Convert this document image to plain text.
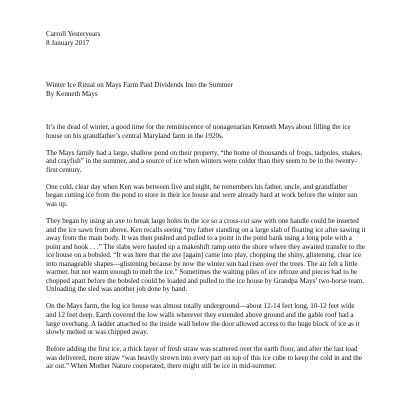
Carroll Yesteryears
8 January 2017
Winter Ice Ritual on Mays Farm Paid Dividends Into the Summer
By Kenneth Mays

It’s the dead of winter, a good time for the reminiscence of nonagenarian Kenneth Mays about filling the ice house on his grandfather’s central Maryland farm in the 1920s.

The Mays family had a large, shallow pond on their property, “the home of thousands of frogs, tadpoles, snakes, and crayfish” in the summer, and a source of ice when winters were colder than they seem to be in the twenty-first century.

One cold, clear day when Ken was between five and eight, he remembers his father, uncle, and grandfather began cutting ice from the pond to store in their ice house and were already hard at work before the winter sun was up.

They began by using an axe to break large holes in the ice so a cross-cut saw with one handle could be inserted and the ice sawn from above. Ken recalls seeing “my father standing on a large slab of floating ice after sawing it away from the main body. It was then pushed and pulled to a point in the pond bank using a long pole with a point and hook . . .” The slabs were hauled up a makeshift ramp onto the shore where they awaited transfer to the ice house on a bobsled. “It was here that the axe [again] came into play, chopping the shiny, glistening, clear ice into manageable shapes—glistening because by now the winter sun had risen over the trees. The air felt a little warmer, but not warm enough to melt the ice.” Sometimes the waiting piles of ice refroze and pieces had to be chopped apart before the bobsled could be loaded and pulled to the ice house by Grandpa Mays’ two-horse team. Unloading the sled was another job done by hand.

On the Mays farm, the log ice house was almost totally underground—about 12-14 feet long, 10-12 feet wide and 12 feet deep. Earth covered the low walls wherever they extended above ground and the gable roof had a large overhang. A ladder attached to the inside wall below the door allowed access to the huge block of ice as it slowly melted or was chipped away.

Before adding the first ice, a thick layer of fresh straw was scattered over the earth floor, and after the last load was delivered, more straw “was heavily strewn into every part on top of this ice cube to keep the cold in and the air out.” When Mother Nature cooperated, there might still be ice in mid-summer.
